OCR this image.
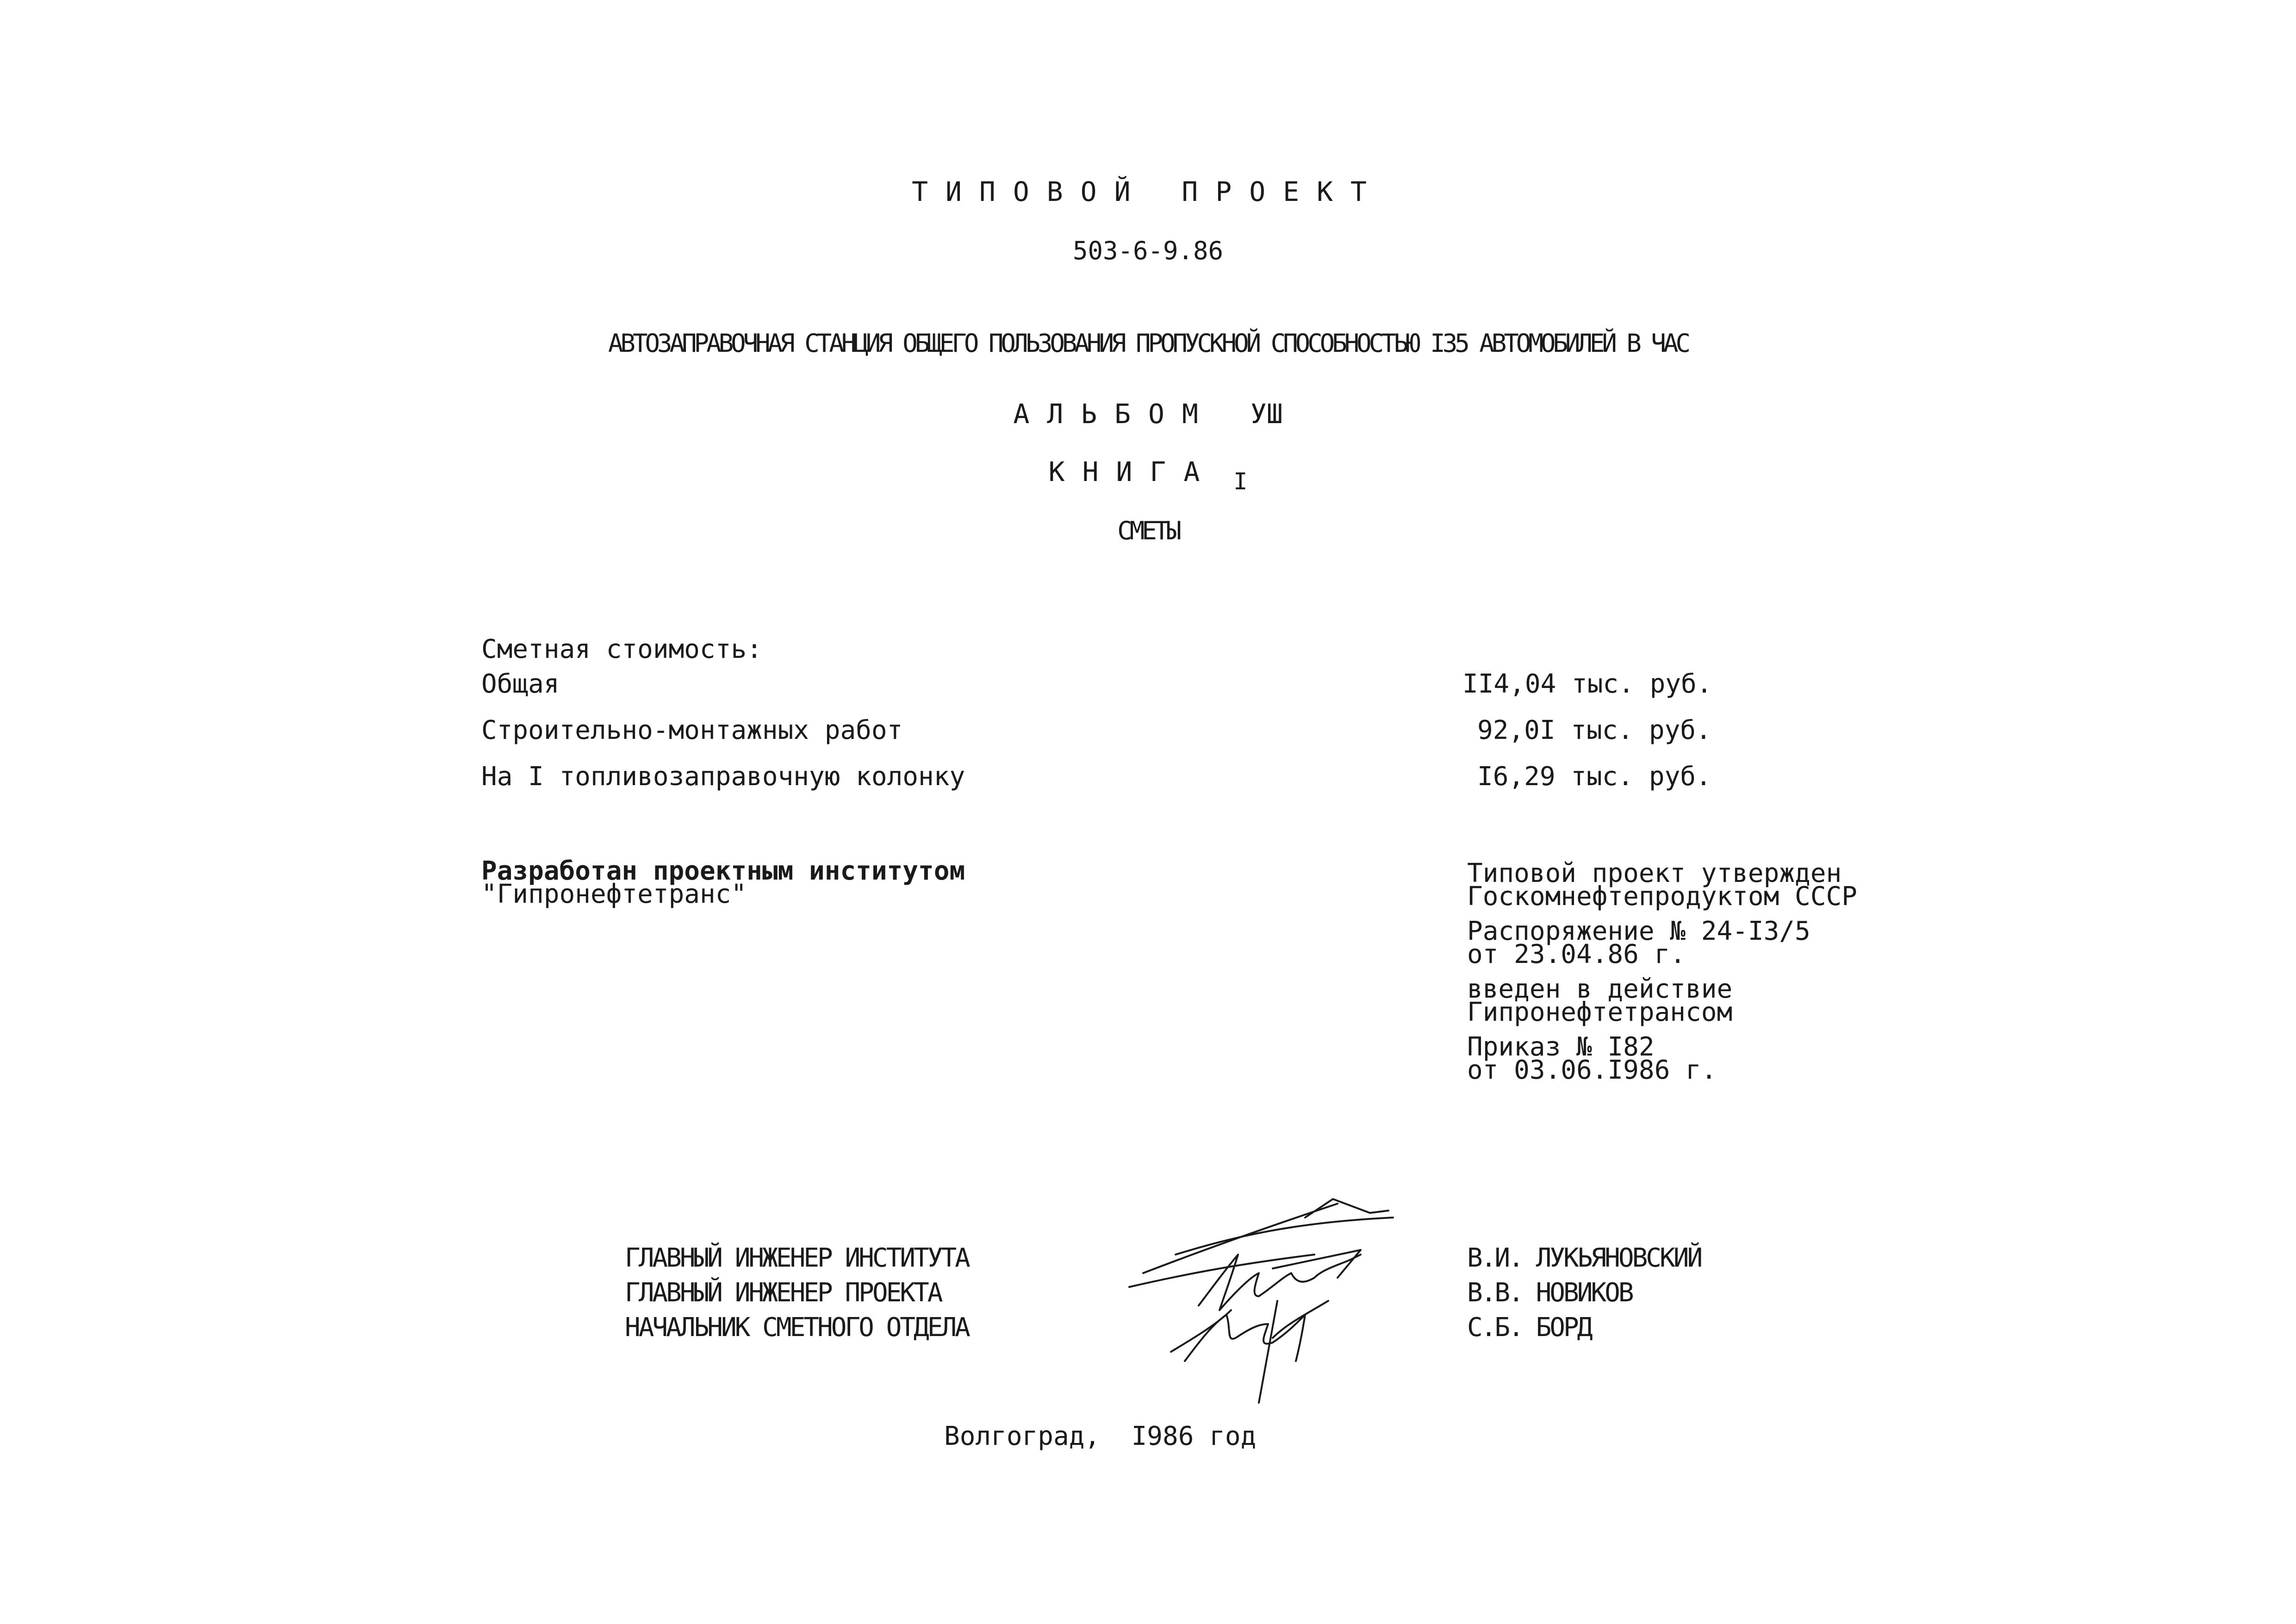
ТИПОВОЙ ПРОЕКТ
503-6-9.86
АВТОЗАПРАВОЧНАЯ СТАНЦИЯ ОБЩЕГО ПОЛЬЗОВАНИЯ ПРОПУСКНОЙ СПОСОБНОСТЬЮ I35 АВТОМОБИЛЕЙ В ЧАС
АЛЬБОМ УШ
КНИГА I
СМЕТЫ
Сметная стоимость:
Общая	II4,04 тыс. руб.
Строительно-монтажных работ	92,0I тыс. руб.
На I топливозаправочную колонку	I6,29 тыс. руб.
Разработан проектным институтом
"Гипронефтетранс"
Типовой проект утвержден
Госкомнефтепродуктом СССР
Распоряжение № 24-I3/5
от 23.04.86 г.
введен в действие
Гипронефтетрансом
Приказ № I82
от 03.06.I986 г.
ГЛАВНЫЙ ИНЖЕНЕР ИНСТИТУТА	В.И. ЛУКЬЯНОВСКИЙ
ГЛАВНЫЙ ИНЖЕНЕР ПРОЕКТА	В.В. НОВИКОВ
НАЧАЛЬНИК СМЕТНОГО ОТДЕЛА	С.Б. БОРД
Волгоград,  I986 год
